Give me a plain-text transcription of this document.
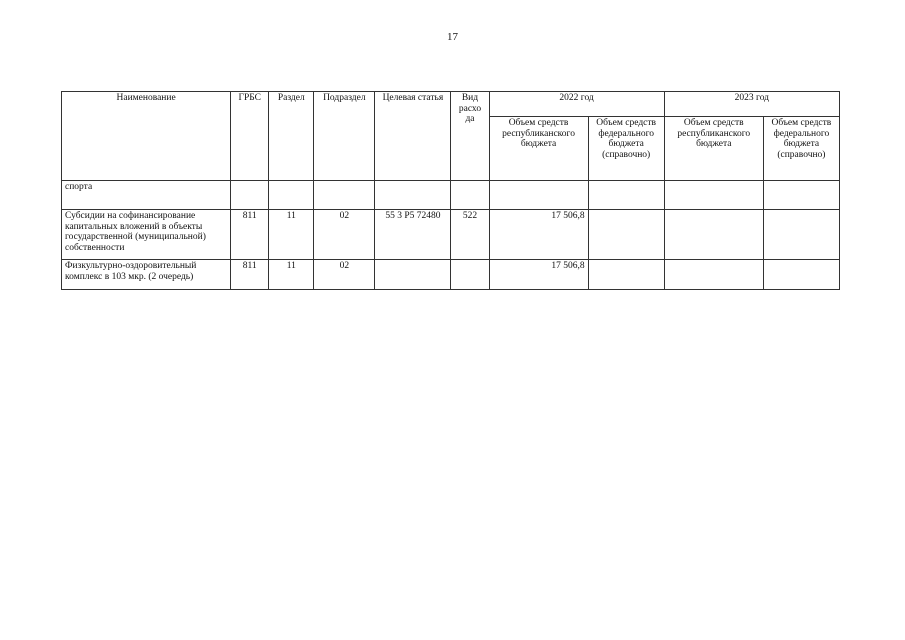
17
Наименование	ГРБС	Раздел	Подраздел	Целевая статья	Вид расхо да	2022 год		2023 год	
						Объем средств республиканского бюджета	Объем средств федерального бюджета (справочно)	Объем средств республиканского бюджета	Объем средств федерального бюджета (справочно)
спорта									
Субсидии на софинансирование капитальных вложений в объекты государственной (муниципальной) собственности	811	11	02	55 3 P5 72480	522	17 506,8			
Физкультурно-оздоровительный комплекс в 103 мкр. (2 очередь)	811	11	02			17 506,8			
